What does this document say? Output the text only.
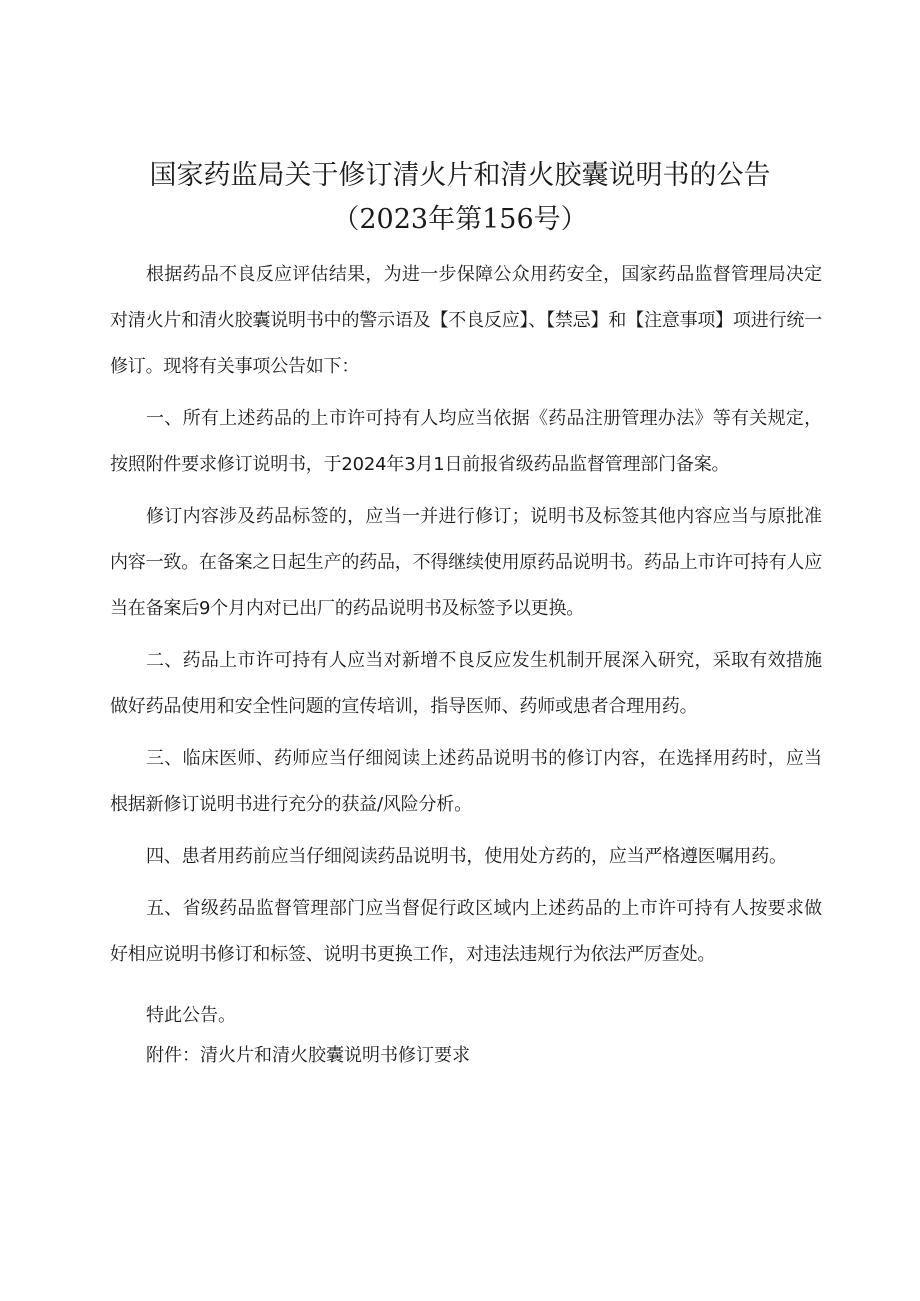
国家药监局关于修订清火片和清火胶囊说明书的公告
（2023年第156号）

根据药品不良反应评估结果，为进一步保障公众用药安全，国家药品监督管理局决定对清火片和清火胶囊说明书中的警示语及【不良反应】、【禁忌】和【注意事项】项进行统一修订。现将有关事项公告如下：

一、所有上述药品的上市许可持有人均应当依据《药品注册管理办法》等有关规定，按照附件要求修订说明书，于2024年3月1日前报省级药品监督管理部门备案。

修订内容涉及药品标签的，应当一并进行修订；说明书及标签其他内容应当与原批准内容一致。在备案之日起生产的药品，不得继续使用原药品说明书。药品上市许可持有人应当在备案后9个月内对已出厂的药品说明书及标签予以更换。

二、药品上市许可持有人应当对新增不良反应发生机制开展深入研究，采取有效措施做好药品使用和安全性问题的宣传培训，指导医师、药师或患者合理用药。

三、临床医师、药师应当仔细阅读上述药品说明书的修订内容，在选择用药时，应当根据新修订说明书进行充分的获益/风险分析。

四、患者用药前应当仔细阅读药品说明书，使用处方药的，应当严格遵医嘱用药。

五、省级药品监督管理部门应当督促行政区域内上述药品的上市许可持有人按要求做好相应说明书修订和标签、说明书更换工作，对违法违规行为依法严厉查处。

特此公告。

附件：清火片和清火胶囊说明书修订要求
